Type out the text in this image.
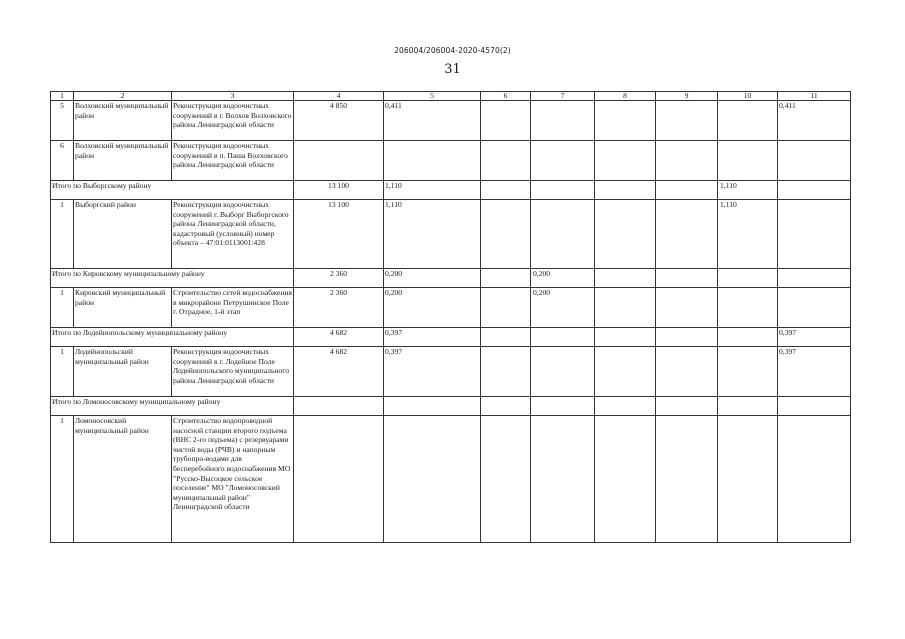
206004/206004-2020-4570(2)
31
1	2	3	4	5	6	7	8	9	10	11
5	Волховский муниципальный район	Реконструкция водоочистных сооружений в г. Волхов Волховского района Ленинградской области	4 850	0,411						0,411
6	Волховский муниципальный район	Реконструкция водоочистных сооружений в п. Паша Волховского района Ленинградской области								
Итого по Выборгскому району			13 100	1,110					1,110	
1	Выборгский район	Реконструкция водоочистных сооружений г. Выборг Выборгского района Ленинградской области, кадастровый (условный) номер объекта – 47:01:0113001:428	13 100	1,110					1,110	
Итого по Кировскому муниципальному району			2 360	0,200		0,200				
1	Кировский муниципальный район	Строительство сетей водоснабжения в микрорайоне Петрушинское Поле г. Отрадное, 1-й этап	2 360	0,200		0,200				
Итого по Лодейнопольскому муниципальному району			4 682	0,397						0,397
1	Лодейнопольский муниципальный район	Реконструкция водоочистных сооружений в г. Лодейное Поле Лодейнопольского муниципального района Ленинградской области	4 682	0,397						0,397
Итого по Ломоносовскому муниципальному району										
1	Ломоносовский муниципальный район	Строительство водопроводной насосной станции второго подъема (ВНС 2-го подъема) с резервуарами чистой воды (РЧВ) и напорным трубопро-водами для бесперебойного водоснабжения МО "Русско-Высоцкое сельское поселение" МО "Ломоносовский муниципальный район" Ленинградской области								
